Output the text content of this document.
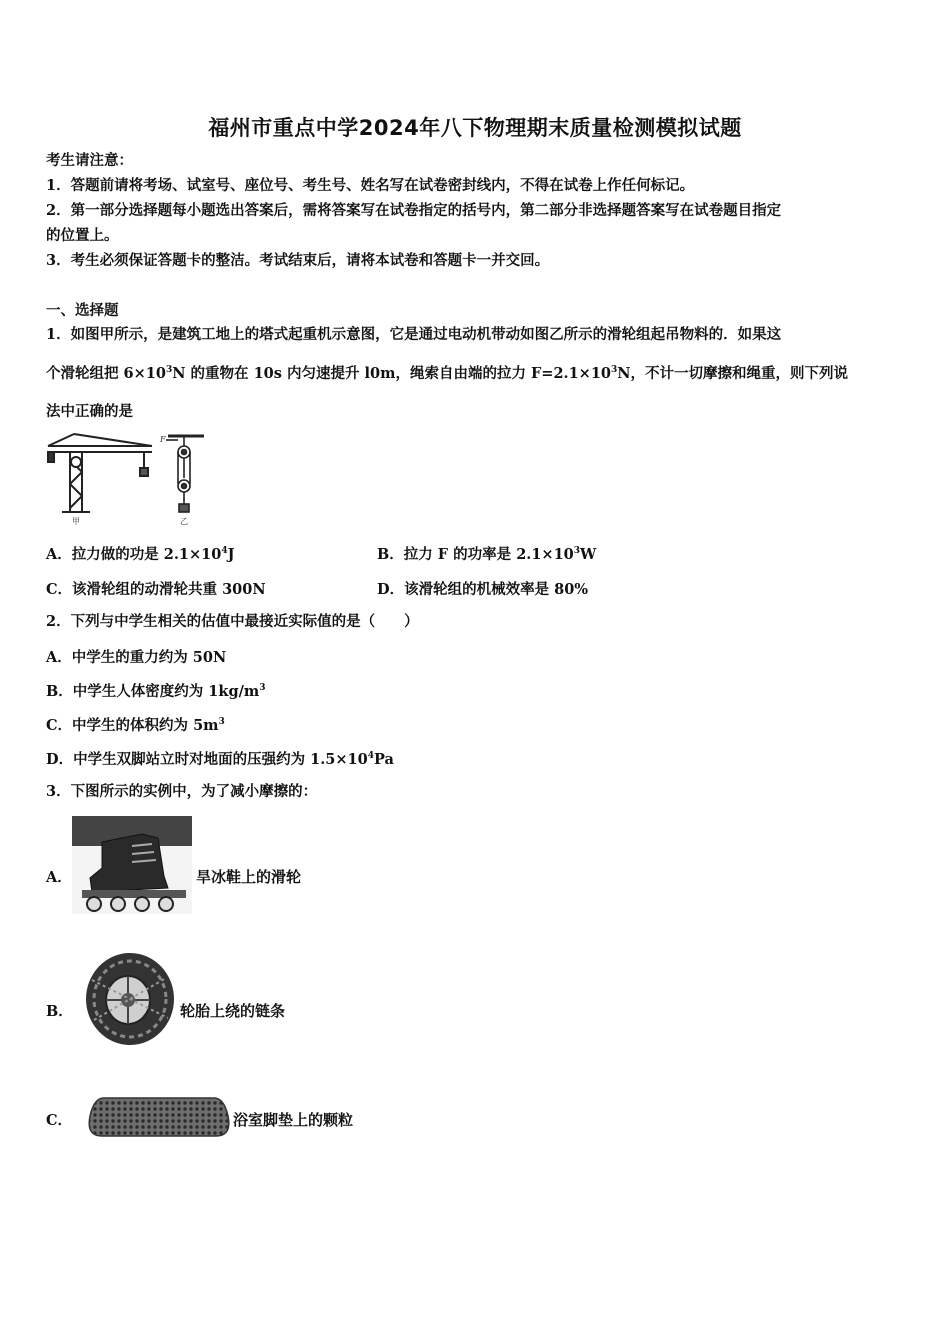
福州市重点中学2024年八下物理期末质量检测模拟试题
考生请注意：
1．答题前请将考场、试室号、座位号、考生号、姓名写在试卷密封线内，不得在试卷上作任何标记。
2．第一部分选择题每小题选出答案后，需将答案写在试卷指定的括号内，第二部分非选择题答案写在试卷题目指定
的位置上。
3．考生必须保证答题卡的整洁。考试结束后，请将本试卷和答题卡一并交回。
一、选择题
1．如图甲所示，是建筑工地上的塔式起重机示意图，它是通过电动机带动如图乙所示的滑轮组起吊物料的．如果这
个滑轮组把 $6\times 10^3N$ 的重物在 10s 内匀速提升 l0m，绳索自由端的拉力 $F=2.1\times 10^3N$，不计一切摩擦和绳重，则下列说
法中正确的是
甲
F
乙
A．拉力做的功是 $2.1\times 10^4J$	B．拉力 F 的功率是 $2.1\times 10^3W$
C．该滑轮组的动滑轮共重 300N	D．该滑轮组的机械效率是 80%
2．下列与中学生相关的估值中最接近实际值的是（　　）
A．中学生的重力约为 50N
B．中学生人体密度约为 $1kg/m^3$
C．中学生的体积约为 $5m^3$
D．中学生双脚站立时对地面的压强约为 $1.5\times 10^4Pa$
3．下图所示的实例中，为了减小摩擦的：
A．	旱冰鞋上的滑轮
B．	轮胎上绕的链条
C．	浴室脚垫上的颗粒
